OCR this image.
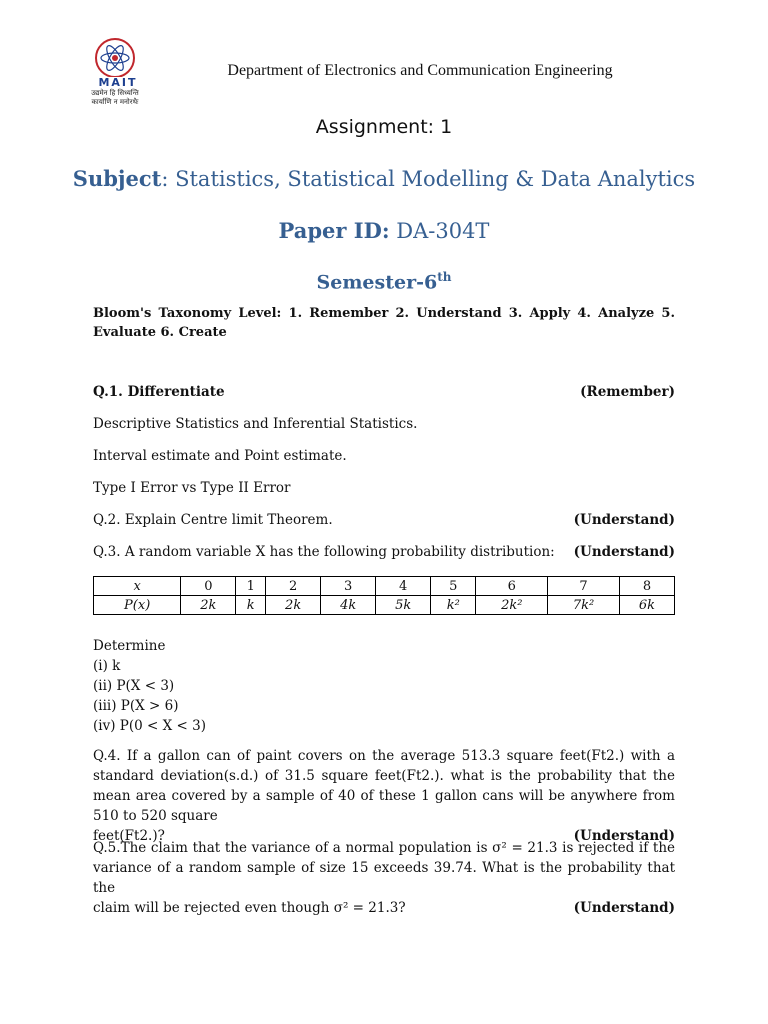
MAIT
उद्यमेन हि सिध्यन्ति
कार्याणि न मनोरथैः
Department of Electronics and Communication Engineering
Assignment: 1
Subject: Statistics, Statistical Modelling & Data Analytics
Paper ID: DA-304T
Semester-6th
Bloom's Taxonomy Level: 1. Remember 2. Understand 3. Apply 4. Analyze 5. Evaluate 6. Create
Q.1. Differentiate	(Remember)
Descriptive Statistics and Inferential Statistics.
Interval estimate and Point estimate.
Type I Error vs Type II Error
Q.2. Explain Centre limit Theorem.	(Understand)
Q.3. A random variable X has the following probability distribution: (Understand)
x	0	1	2	3	4	5	6	7	8
P(x)	2k	k	2k	4k	5k	k²	2k²	7k²	6k
Determine
(i) k
(ii) P(X < 3)
(iii) P(X > 6)
(iv) P(0 < X < 3)
Q.4. If a gallon can of paint covers on the average 513.3 square feet(Ft2.) with a standard deviation(s.d.) of 31.5 square feet(Ft2.). what is the probability that the mean area covered by a sample of 40 of these 1 gallon cans will be anywhere from 510 to 520 square
feet(Ft2.)?	(Understand)
Q.5.The claim that the variance of a normal population is σ² = 21.3 is rejected if the variance of a random sample of size 15 exceeds 39.74. What is the probability that the
claim will be rejected even though σ² = 21.3?	(Understand)
